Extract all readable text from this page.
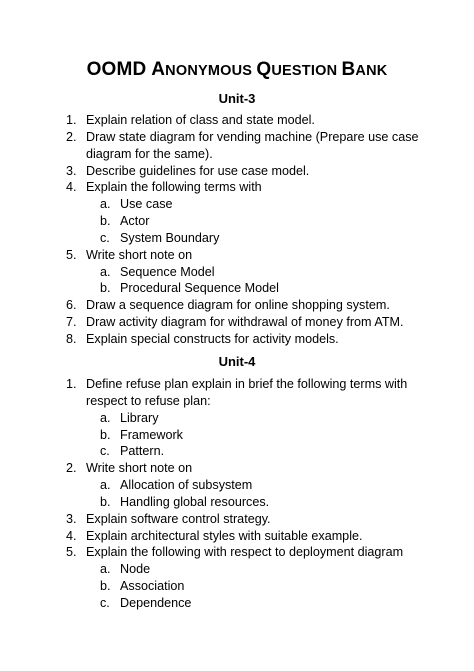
OOMD ANONYMOUS QUESTION BANK
Unit-3
1. Explain relation of class and state model.
2. Draw state diagram for vending machine (Prepare use case diagram for the same).
3. Describe guidelines for use case model.
4. Explain the following terms with
a. Use case
b. Actor
c. System Boundary
5. Write short note on
a. Sequence Model
b. Procedural Sequence Model
6. Draw a sequence diagram for online shopping system.
7. Draw activity diagram for withdrawal of money from ATM.
8. Explain special constructs for activity models.
Unit-4
1. Define refuse plan explain in brief the following terms with respect to refuse plan:
a. Library
b. Framework
c. Pattern.
2. Write short note on
a. Allocation of subsystem
b. Handling global resources.
3. Explain software control strategy.
4. Explain architectural styles with suitable example.
5. Explain the following with respect to deployment diagram
a. Node
b. Association
c. Dependence
